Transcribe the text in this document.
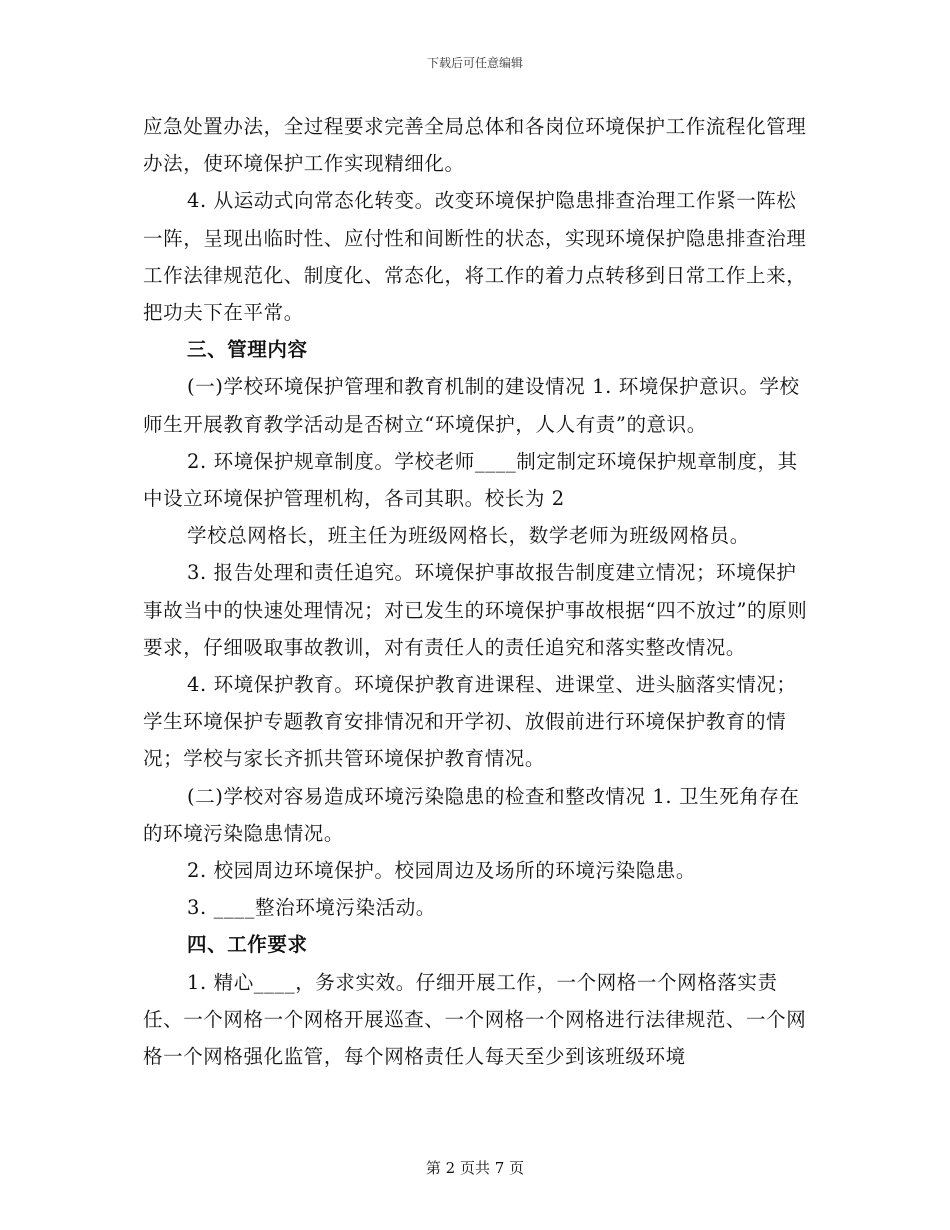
下载后可任意编辑

应急处置办法，全过程要求完善全局总体和各岗位环境保护工作流程化管理办法，使环境保护工作实现精细化。

4. 从运动式向常态化转变。改变环境保护隐患排查治理工作紧一阵松一阵，呈现出临时性、应付性和间断性的状态，实现环境保护隐患排查治理工作法律规范化、制度化、常态化，将工作的着力点转移到日常工作上来，把功夫下在平常。

三、管理内容

(一)学校环境保护管理和教育机制的建设情况 1. 环境保护意识。学校师生开展教育教学活动是否树立“环境保护，人人有责”的意识。

2. 环境保护规章制度。学校老师____制定制定环境保护规章制度，其中设立环境保护管理机构，各司其职。校长为 2

学校总网格长，班主任为班级网格长，数学老师为班级网格员。

3. 报告处理和责任追究。环境保护事故报告制度建立情况；环境保护事故当中的快速处理情况；对已发生的环境保护事故根据“四不放过”的原则要求，仔细吸取事故教训，对有责任人的责任追究和落实整改情况。

4. 环境保护教育。环境保护教育进课程、进课堂、进头脑落实情况；学生环境保护专题教育安排情况和开学初、放假前进行环境保护教育的情况；学校与家长齐抓共管环境保护教育情况。

(二)学校对容易造成环境污染隐患的检查和整改情况 1. 卫生死角存在的环境污染隐患情况。

2. 校园周边环境保护。校园周边及场所的环境污染隐患。

3. ____整治环境污染活动。

四、工作要求

1. 精心____，务求实效。仔细开展工作，一个网格一个网格落实责任、一个网格一个网格开展巡查、一个网格一个网格进行法律规范、一个网格一个网格强化监管，每个网格责任人每天至少到该班级环境

第 2 页共 7 页
